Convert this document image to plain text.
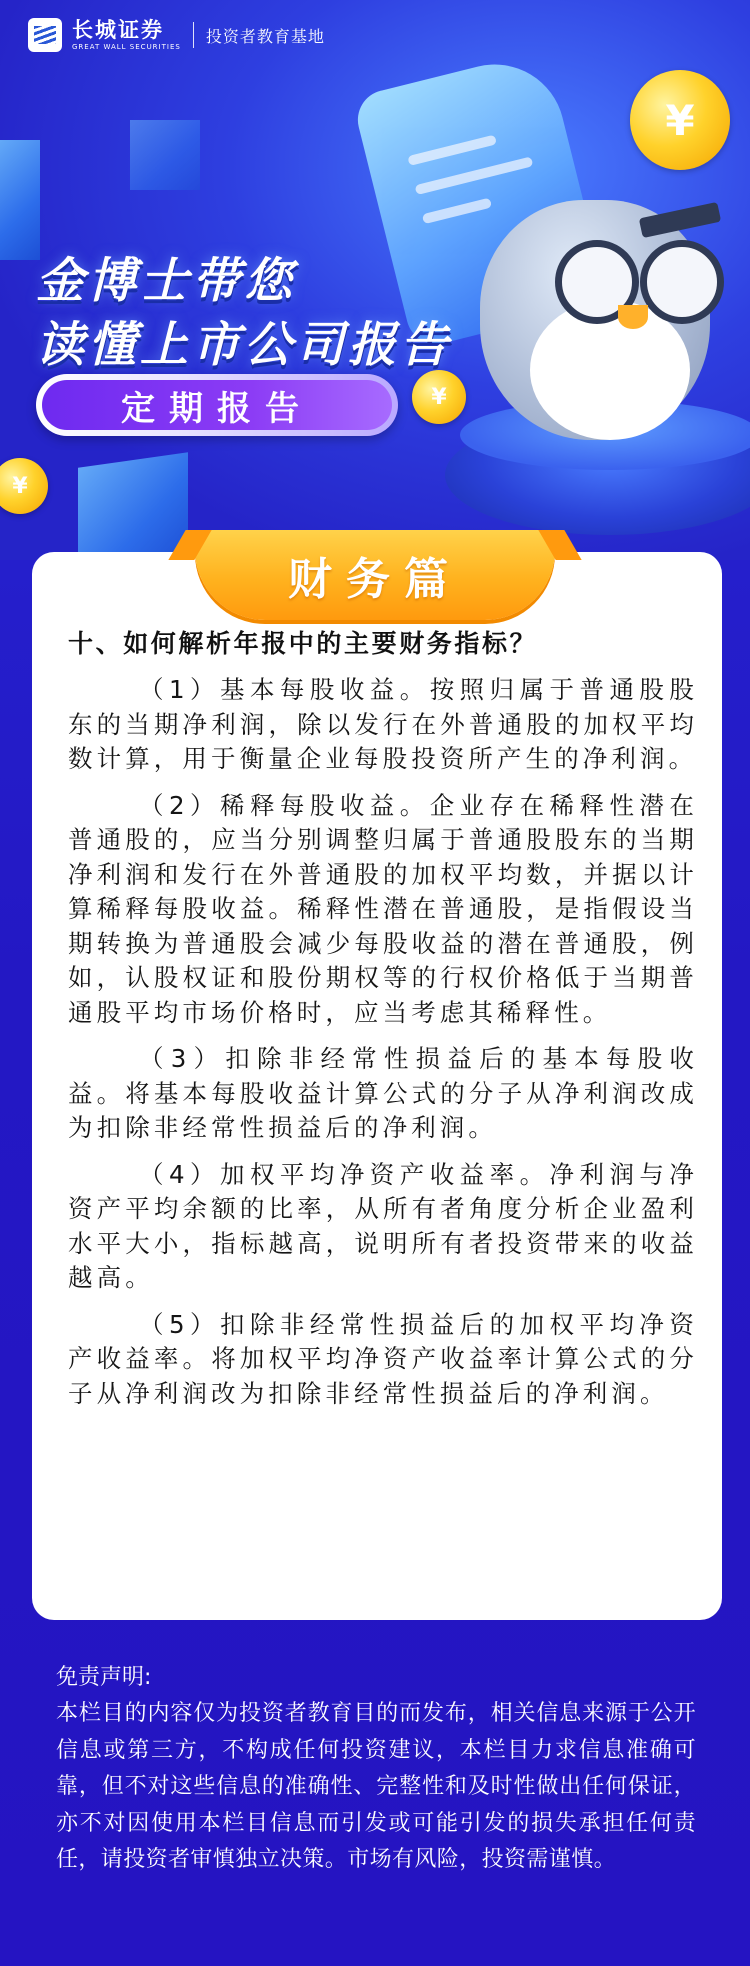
¥
¥
¥
长城证券
GREAT WALL SECURITIES
投资者教育基地
金博士带您
读懂上市公司报告
定期报告
财务篇
十、如何解析年报中的主要财务指标？

（1）基本每股收益。按照归属于普通股股东的当期净利润，除以发行在外普通股的加权平均数计算，用于衡量企业每股投资所产生的净利润。

（2）稀释每股收益。企业存在稀释性潜在普通股的，应当分别调整归属于普通股股东的当期净利润和发行在外普通股的加权平均数，并据以计算稀释每股收益。稀释性潜在普通股，是指假设当期转换为普通股会减少每股收益的潜在普通股，例如，认股权证和股份期权等的行权价格低于当期普通股平均市场价格时，应当考虑其稀释性。

（3）扣除非经常性损益后的基本每股收益。将基本每股收益计算公式的分子从净利润改成为扣除非经常性损益后的净利润。

（4）加权平均净资产收益率。净利润与净资产平均余额的比率，从所有者角度分析企业盈利水平大小，指标越高，说明所有者投资带来的收益越高。

（5）扣除非经常性损益后的加权平均净资产收益率。将加权平均净资产收益率计算公式的分子从净利润改为扣除非经常性损益后的净利润。

免责声明:
本栏目的内容仅为投资者教育目的而发布，相关信息来源于公开信息或第三方，不构成任何投资建议，本栏目力求信息准确可靠，但不对这些信息的准确性、完整性和及时性做出任何保证，亦不对因使用本栏目信息而引发或可能引发的损失承担任何责任，请投资者审慎独立决策。市场有风险，投资需谨慎。
